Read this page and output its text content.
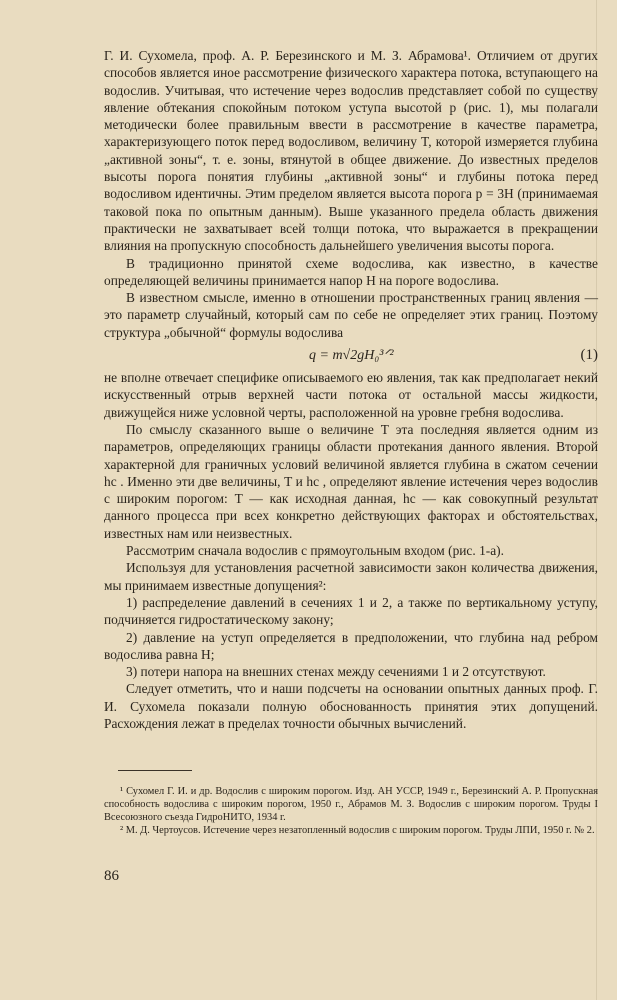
Г. И. Сухомела, проф. А. Р. Березинского и М. З. Абрамова¹. Отличием от других способов является иное рассмотрение физического характера потока, вступающего на водослив. Учитывая, что истечение через водослив представляет собой по существу явление обтекания спокойным потоком уступа высотой p (рис. 1), мы полагали методически более правильным ввести в рассмотрение в качестве параметра, характеризующего поток перед водосливом, величину T, которой измеряется глубина „активной зоны“, т. е. зоны, втянутой в общее движение. До известных пределов высоты порога понятия глубины „активной зоны“ и глубины потока перед водосливом идентичны. Этим пределом является высота порога p = 3H (принимаемая таковой пока по опытным данным). Выше указанного предела область движения практически не захватывает всей толщи потока, что выражается в прекращении влияния на пропускную способность дальнейшего увеличения высоты порога.

В традиционно принятой схеме водослива, как известно, в качестве определяющей величины принимается напор H на пороге водослива.

В известном смысле, именно в отношении пространственных границ явления — это параметр случайный, который сам по себе не определяет этих границ. Поэтому структура „обычной“ формулы водослива

q = m√2gH₀³ᐟ²	(1)

не вполне отвечает специфике описываемого ею явления, так как предполагает некий искусственный отрыв верхней части потока от остальной массы жидкости, движущейся ниже условной черты, расположенной на уровне гребня водослива.

По смыслу сказанного выше о величине T эта последняя является одним из параметров, определяющих границы области протекания данного явления. Второй характерной для граничных условий величиной является глубина в сжатом сечении hc . Именно эти две величины, T и hc , определяют явление истечения через водослив с широким порогом: T — как исходная данная, hc — как совокупный результат данного процесса при всех конкретно действующих факторах и обстоятельствах, известных нам или неизвестных.

Рассмотрим сначала водослив с прямоугольным входом (рис. 1-а).

Используя для установления расчетной зависимости закон количества движения, мы принимаем известные допущения²:

1) распределение давлений в сечениях 1 и 2, а также по вертикальному уступу, подчиняется гидростатическому закону;

2) давление на уступ определяется в предположении, что глубина над ребром водослива равна H;

3) потери напора на внешних стенах между сечениями 1 и 2 отсутствуют.

Следует отметить, что и наши подсчеты на основании опытных данных проф. Г. И. Сухомела показали полную обоснованность принятия этих допущений. Расхождения лежат в пределах точности обычных вычислений.

¹ Сухомел Г. И. и др. Водослив с широким порогом. Изд. АН УССР, 1949 г., Березинский А. Р. Пропускная способность водослива с широким порогом, 1950 г., Абрамов М. З. Водослив с широким порогом. Труды I Всесоюзного съезда ГидроНИТО, 1934 г.

² М. Д. Чертоусов. Истечение через незатопленный водослив с широким порогом. Труды ЛПИ, 1950 г. № 2.

86
